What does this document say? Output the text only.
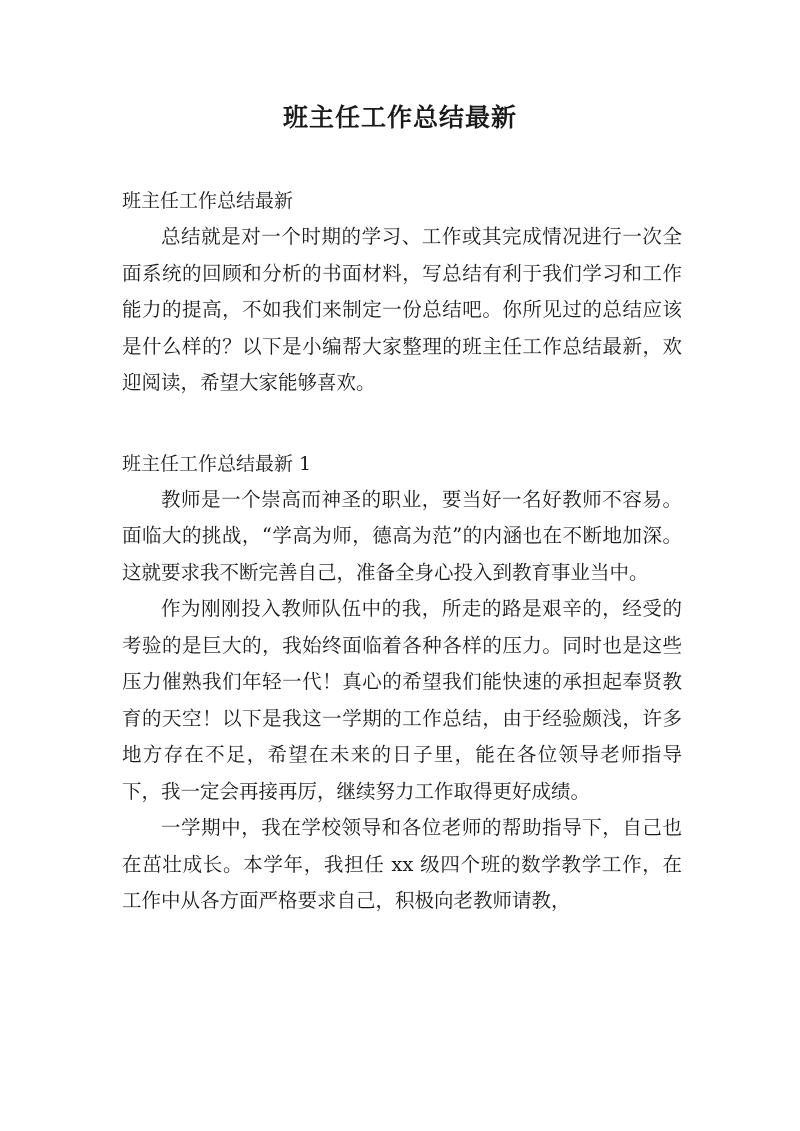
班主任工作总结最新

班主任工作总结最新

总结就是对一个时期的学习、工作或其完成情况进行一次全面系统的回顾和分析的书面材料，写总结有利于我们学习和工作能力的提高，不如我们来制定一份总结吧。你所见过的总结应该是什么样的？以下是小编帮大家整理的班主任工作总结最新，欢迎阅读，希望大家能够喜欢。

班主任工作总结最新 1

教师是一个崇高而神圣的职业，要当好一名好教师不容易。面临大的挑战，“学高为师，德高为范”的内涵也在不断地加深。这就要求我不断完善自己，准备全身心投入到教育事业当中。

作为刚刚投入教师队伍中的我，所走的路是艰辛的，经受的考验的是巨大的，我始终面临着各种各样的压力。同时也是这些压力催熟我们年轻一代！真心的希望我们能快速的承担起奉贤教育的天空！以下是我这一学期的工作总结，由于经验颇浅，许多地方存在不足，希望在未来的日子里，能在各位领导老师指导下，我一定会再接再厉，继续努力工作取得更好成绩。

一学期中，我在学校领导和各位老师的帮助指导下，自己也在茁壮成长。本学年，我担任 xx 级四个班的数学教学工作，在工作中从各方面严格要求自己，积极向老教师请教，
